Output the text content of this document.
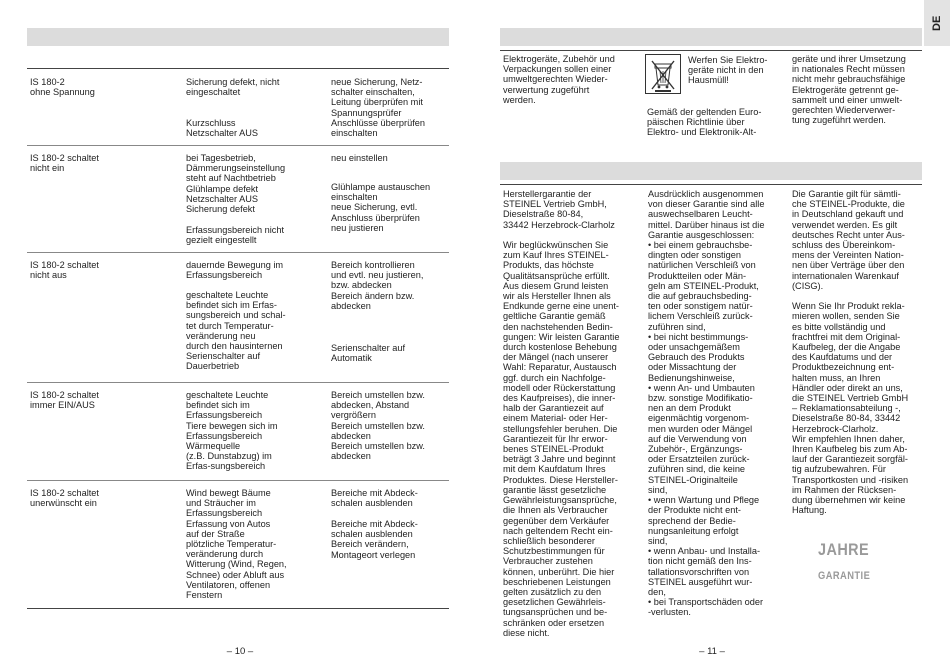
DE
IS 180-2
ohne Spannung
Sicherung defekt, nicht
eingeschaltet
Kurzschluss
Netzschalter AUS
neue Sicherung, Netz-
schalter einschalten,
Leitung überprüfen mit
Spannungsprüfer
Anschlüsse überprüfen
einschalten
IS 180-2 schaltet
nicht ein
bei Tagesbetrieb,
Dämmerungseinstellung
steht auf Nachtbetrieb
Glühlampe defekt
Netzschalter AUS
Sicherung defekt
Erfassungsbereich nicht
gezielt eingestellt
neu einstellen
Glühlampe austauschen
einschalten
neue Sicherung, evtl.
Anschluss überprüfen
neu justieren
IS 180-2 schaltet
nicht aus
dauernde Bewegung im
Erfassungsbereich
geschaltete Leuchte
befindet sich im Erfas-
sungsbereich und schal-
tet durch Temperatur-
veränderung neu
durch den hausinternen
Serienschalter auf
Dauerbetrieb
Bereich kontrollieren
und evtl. neu justieren,
bzw. abdecken
Bereich ändern bzw.
abdecken
Serienschalter auf
Automatik
IS 180-2 schaltet
immer EIN/AUS
geschaltete Leuchte
befindet sich im
Erfassungsbereich
Tiere bewegen sich im
Erfassungsbereich
Wärmequelle
(z.B. Dunstabzug) im
Erfas-sungsbereich
Bereich umstellen bzw.
abdecken, Abstand
vergrößern
Bereich umstellen bzw.
abdecken
Bereich umstellen bzw.
abdecken
IS 180-2 schaltet
unerwünscht ein
Wind bewegt Bäume
und Sträucher im
Erfassungsbereich
Erfassung von Autos
auf der Straße
plötzliche Temperatur-
veränderung durch
Witterung (Wind, Regen,
Schnee) oder Abluft aus
Ventilatoren, offenen
Fenstern
Bereiche mit Abdeck-
schalen ausblenden
Bereiche mit Abdeck-
schalen ausblenden
Bereich verändern,
Montageort verlegen
– 10 –
Elektrogeräte, Zubehör und
Verpackungen sollen einer
umweltgerechten Wieder-
verwertung zugeführt
werden.
Werfen Sie Elektro-
geräte nicht in den
Hausmüll!
Gemäß der geltenden Euro-
päischen Richtlinie über
Elektro- und Elektronik-Alt-
geräte und ihrer Umsetzung
in nationales Recht müssen
nicht mehr gebrauchsfähige
Elektrogeräte getrennt ge-
sammelt und einer umwelt-
gerechten Wiederverwer-
tung zugeführt werden.
Herstellergarantie der
STEINEL Vertrieb GmbH,
Dieselstraße 80-84,
33442 Herzebrock-Clarholz

Wir beglückwünschen Sie
zum Kauf Ihres STEINEL-
Produkts, das höchste
Qualitätsansprüche erfüllt.
Aus diesem Grund leisten
wir als Hersteller Ihnen als
Endkunde gerne eine unent-
geltliche Garantie gemäß
den nachstehenden Bedin-
gungen: Wir leisten Garantie
durch kostenlose Behebung
der Mängel (nach unserer
Wahl: Reparatur, Austausch
ggf. durch ein Nachfolge-
modell oder Rückerstattung
des Kaufpreises), die inner-
halb der Garantiezeit auf
einem Material- oder Her-
stellungsfehler beruhen. Die
Garantiezeit für Ihr erwor-
benes STEINEL-Produkt
beträgt 3 Jahre und beginnt
mit dem Kaufdatum Ihres
Produktes. Diese Hersteller-
garantie lässt gesetzliche
Gewährleistungsansprüche,
die Ihnen als Verbraucher
gegenüber dem Verkäufer
nach geltendem Recht ein-
schließlich besonderer
Schutzbestimmungen für
Verbraucher zustehen
können, unberührt. Die hier
beschriebenen Leistungen
gelten zusätzlich zu den
gesetzlichen Gewährleis-
tungsansprüchen und be-
schränken oder ersetzen
diese nicht.
Ausdrücklich ausgenommen
von dieser Garantie sind alle
auswechselbaren Leucht-
mittel. Darüber hinaus ist die
Garantie ausgeschlossen:
• bei einem gebrauchsbe-
dingten oder sonstigen
natürlichen Verschleiß von
Produktteilen oder Män-
geln am STEINEL-Produkt,
die auf gebrauchsbeding-
ten oder sonstigem natür-
lichem Verschleiß zurück-
zuführen sind,
• bei nicht bestimmungs-
oder unsachgemäßem
Gebrauch des Produkts
oder Missachtung der
Bedienungshinweise,
• wenn An- und Umbauten
bzw. sonstige Modifikatio-
nen an dem Produkt
eigenmächtig vorgenom-
men wurden oder Mängel
auf die Verwendung von
Zubehör-, Ergänzungs-
oder Ersatzteilen zurück-
zuführen sind, die keine
STEINEL-Originalteile
sind,
• wenn Wartung und Pflege
der Produkte nicht ent-
sprechend der Bedie-
nungsanleitung erfolgt
sind,
• wenn Anbau- und Installa-
tion nicht gemäß den Ins-
tallationsvorschriften von
STEINEL ausgeführt wur-
den,
• bei Transportschäden oder
-verlusten.
Die Garantie gilt für sämtli-
che STEINEL-Produkte, die
in Deutschland gekauft und
verwendet werden. Es gilt
deutsches Recht unter Aus-
schluss des Übereinkom-
mens der Vereinten Nation-
nen über Verträge über den
internationalen Warenkauf
(CISG).

Wenn Sie Ihr Produkt rekla-
mieren wollen, senden Sie
es bitte vollständig und
frachtfrei mit dem Original-
Kaufbeleg, der die Angabe
des Kaufdatums und der
Produktbezeichnung ent-
halten muss, an Ihren
Händler oder direkt an uns,
die STEINEL Vertrieb GmbH
– Reklamationsabteilung -,
Dieselstraße 80-84, 33442
Herzebrock-Clarholz.
Wir empfehlen Ihnen daher,
Ihren Kaufbeleg bis zum Ab-
lauf der Garantiezeit sorgfäl-
tig aufzubewahren. Für
Transportkosten und -risiken
im Rahmen der Rücksen-
dung übernehmen wir keine
Haftung.
JAHRE
GARANTIE
– 11 –
